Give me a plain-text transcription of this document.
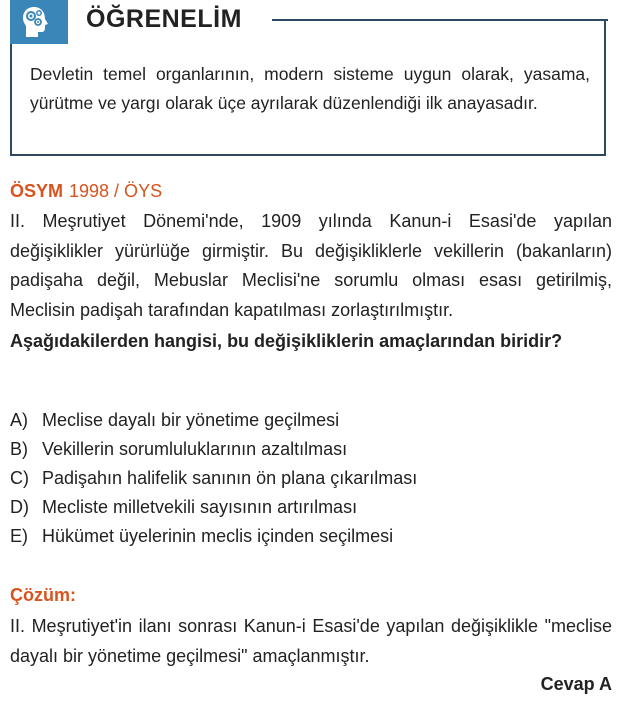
ÖĞRENELİM
Devletin temel organlarının, modern sisteme uygun olarak, yasama, yürütme ve yargı olarak üçe ayrılarak düzenlendiği ilk anayasadır.
ÖSYM 1998 / ÖYS
II. Meşrutiyet Dönemi'nde, 1909 yılında Kanun-i Esasi'de yapılan değişiklikler yürürlüğe girmiştir. Bu değişikliklerle vekillerin (bakanların) padişaha değil, Mebuslar Meclisi'ne sorumlu olması esası getirilmiş, Meclisin padişah tarafından kapatılması zorlaştırılmıştır.
Aşağıdakilerden hangisi, bu değişikliklerin amaçlarından biridir?
A) Meclise dayalı bir yönetime geçilmesi
B) Vekillerin sorumluluklarının azaltılması
C) Padişahın halifelik sanının ön plana çıkarılması
D) Mecliste milletvekili sayısının artırılması
E) Hükümet üyelerinin meclis içinden seçilmesi
Çözüm:
II. Meşrutiyet'in ilanı sonrası Kanun-i Esasi'de yapılan değişiklikle "meclise dayalı bir yönetime geçilmesi" amaçlanmıştır.
Cevap A
